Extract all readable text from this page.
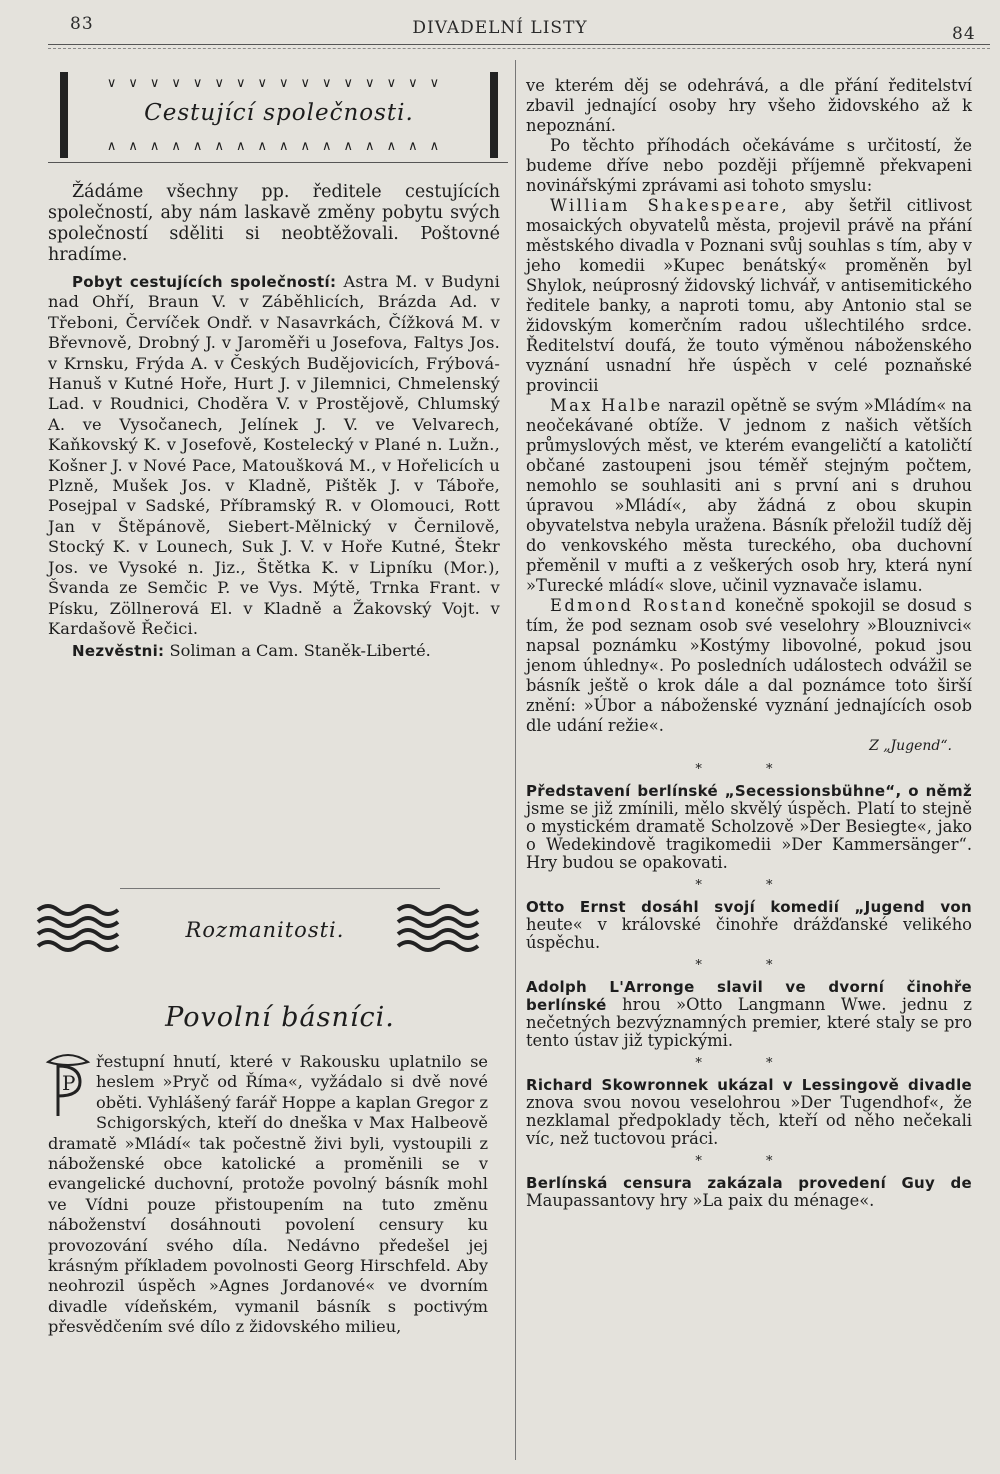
83	DIVADELNÍ LISTY	84
∨∨∨∨∨∨∨∨∨∨∨∨∨∨∨∨
Cestující společnosti.
∧∧∧∧∧∧∧∧∧∧∧∧∧∧∧∧

Žádáme všechny pp. ředitele cestujících společností, aby nám laskavě změny pobytu svých společností sděliti si neobtěžovali. Poštovné hradíme.

Pobyt cestujících společností: Astra M. v Budyni nad Ohří, Braun V. v Záběhlicích, Brázda Ad. v Třeboni, Červíček Ondř. v Nasavrkách, Čížková M. v Břevnově, Drobný J. v Jaroměři u Josefova, Faltys Jos. v Krnsku, Frýda A. v Českých Budějovicích, Frýbová-Hanuš v Kutné Hoře, Hurt J. v Jilemnici, Chmelenský Lad. v Roudnici, Choděra V. v Prostějově, Chlumský A. ve Vysočanech, Jelínek J. V. ve Velvarech, Kaňkovský K. v Josefově, Kostelecký v Plané n. Lužn., Košner J. v Nové Pace, Matoušková M., v Hořelicích u Plzně, Mušek Jos. v Kladně, Pištěk J. v Táboře, Posejpal v Sadské, Příbramský R. v Olomouci, Rott Jan v Štěpánově, Siebert-Mělnický v Černilově, Stocký K. v Lounech, Suk J. V. v Hoře Kutné, Štekr Jos. ve Vysoké n. Jiz., Štětka K. v Lipníku (Mor.), Švanda ze Semčic P. ve Vys. Mýtě, Trnka Frant. v Písku, Zöllnerová El. v Kladně a Žakovský Vojt. v Kardašově Řečici.

Nezvěstni: Soliman a Cam. Staněk-Liberté.

Rozmanitosti.
Povolní básníci.
P

řestupní hnutí, které v Rakousku uplatnilo se heslem »Pryč od Říma«, vyžádalo si dvě nové oběti. Vyhlášený farář Hoppe a kaplan Gregor z Schigorských, kteří do dneška v Max Halbeově dramatě »Mládí« tak počestně živi byli, vystoupili z náboženské obce katolické a proměnili se v evangelické duchovní, protože povolný básník mohl ve Vídni pouze přistoupením na tuto změnu náboženství dosáhnouti povolení censury ku provozování svého díla. Nedávno předešel jej krásným příkladem povolnosti Georg Hirschfeld. Aby neohrozil úspěch »Agnes Jordanové« ve dvorním divadle vídeňském, vymanil básník s poctivým přesvědčením své dílo z židovského milieu,

ve kterém děj se odehrává, a dle přání ředitelství zbavil jednající osoby hry všeho židovského až k nepoznání.

Po těchto příhodách očekáváme s určitostí, že budeme dříve nebo později příjemně překvapeni novinářskými zprávami asi tohoto smyslu:

William Shakespeare, aby šetřil citlivost mosaických obyvatelů města, projevil právě na přání městského divadla v Poznani svůj souhlas s tím, aby v jeho komedii »Kupec benátský« proměněn byl Shylok, neúprosný židovský lichvář, v antisemitického ředitele banky, a naproti tomu, aby Antonio stal se židovským komerčním radou ušlechtilého srdce. Ředitelství doufá, že touto výměnou náboženského vyznání usnadní hře úspěch v celé poznaňské provincii

Max Halbe narazil opětně se svým »Mládím« na neočekávané obtíže. V jednom z našich větších průmyslových měst, ve kterém evangeličtí a katoličtí občané zastoupeni jsou téměř stejným počtem, nemohlo se souhlasiti ani s první ani s druhou úpravou »Mládí«, aby žádná z obou skupin obyvatelstva nebyla uražena. Básník přeložil tudíž děj do venkovského města tureckého, oba duchovní přeměnil v mufti a z veškerých osob hry, která nyní »Turecké mládí« slove, učinil vyznavače islamu.

Edmond Rostand konečně spokojil se dosud s tím, že pod seznam osob své veselohry »Blouznivci« napsal poznámku »Kostýmy libovolné, pokud jsou jenom úhledny«. Po posledních událostech odvážil se básník ještě o krok dále a dal poznámce toto širší znění: »Úbor a náboženské vyznání jednajících osob dle udání režie«.

Z „Jugend“.

* *

Představení berlínské „Secessionsbühne“, o němž jsme se již zmínili, mělo skvělý úspěch. Platí to stejně o mystickém dramatě Scholzově »Der Besiegte«, jako o Wedekindově tragikomedii »Der Kammersänger“. Hry budou se opakovati.

* *

Otto Ernst dosáhl svojí komedií „Jugend von heute« v královské činohře drážďanské velikého úspěchu.

* *

Adolph L'Arronge slavil ve dvorní činohře berlínské hrou »Otto Langmann Wwe. jednu z nečetných bezvýznamných premier, které staly se pro tento ústav již typickými.

* *

Richard Skowronnek ukázal v Lessingově divadle znova svou novou veselohrou »Der Tugendhof«, že nezklamal předpoklady těch, kteří od něho nečekali víc, než tuctovou práci.

* *

Berlínská censura zakázala provedení Guy de Maupassantovy hry »La paix du ménage«.
